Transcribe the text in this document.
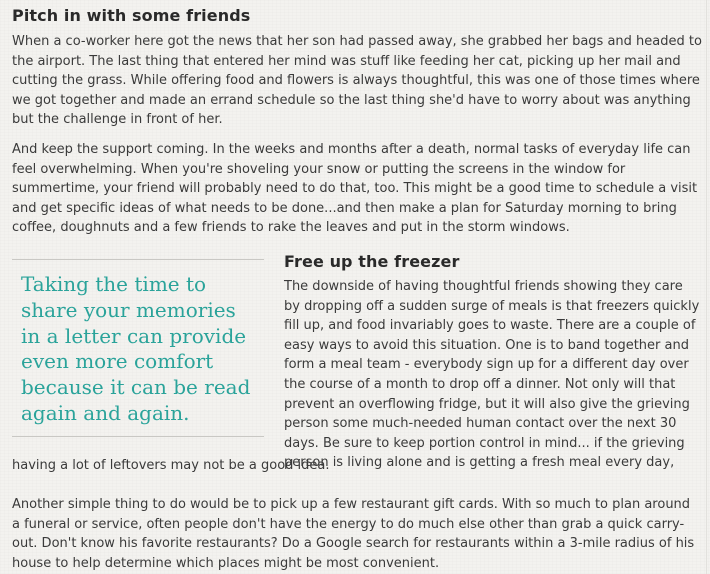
Pitch in with some friends

When a co-worker here got the news that her son had passed away, she grabbed her bags and headed to the airport. The last thing that entered her mind was stuff like feeding her cat, picking up her mail and cutting the grass. While offering food and flowers is always thoughtful, this was one of those times where we got together and made an errand schedule so the last thing she'd have to worry about was anything but the challenge in front of her.

And keep the support coming. In the weeks and months after a death, normal tasks of everyday life can feel overwhelming. When you're shoveling your snow or putting the screens in the window for summertime, your friend will probably need to do that, too. This might be a good time to schedule a visit and get specific ideas of what needs to be done...and then make a plan for Saturday morning to bring coffee, doughnuts and a few friends to rake the leaves and put in the storm windows.

Taking the time to share your memories in a letter can provide even more comfort because it can be read again and again.
Free up the freezer

The downside of having thoughtful friends showing they care by dropping off a sudden surge of meals is that freezers quickly fill up, and food invariably goes to waste. There are a couple of easy ways to avoid this situation. One is to band together and form a meal team - everybody sign up for a different day over the course of a month to drop off a dinner. Not only will that prevent an overflowing fridge, but it will also give the grieving person some much-needed human contact over the next 30 days. Be sure to keep portion control in mind... if the grieving person is living alone and is getting a fresh meal every day,

having a lot of leftovers may not be a good idea.

Another simple thing to do would be to pick up a few restaurant gift cards. With so much to plan around a funeral or service, often people don't have the energy to do much else other than grab a quick carry-out. Don't know his favorite restaurants? Do a Google search for restaurants within a 3-mile radius of his house to help determine which places might be most convenient.
